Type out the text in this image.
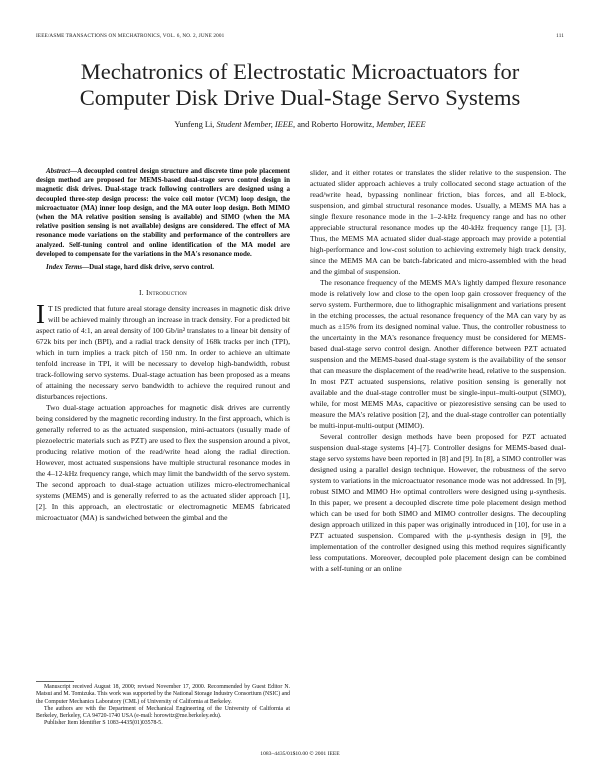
IEEE/ASME TRANSACTIONS ON MECHATRONICS, VOL. 6, NO. 2, JUNE 2001	111
Mechatronics of Electrostatic Microactuators for
Computer Disk Drive Dual-Stage Servo Systems
Yunfeng Li, Student Member, IEEE, and Roberto Horowitz, Member, IEEE

Abstract—A decoupled control design structure and discrete time pole placement design method are proposed for MEMS-based dual-stage servo control design in magnetic disk drives. Dual-stage track following controllers are designed using a decoupled three-step design process: the voice coil motor (VCM) loop design, the microactuator (MA) inner loop design, and the MA outer loop design. Both MIMO (when the MA relative position sensing is available) and SIMO (when the MA relative position sensing is not available) designs are considered. The effect of MA resonance mode variations on the stability and performance of the controllers are analyzed. Self-tuning control and online identification of the MA model are developed to compensate for the variations in the MA's resonance mode.

Index Terms—Dual stage, hard disk drive, servo control.

I. Introduction

I T IS predicted that future areal storage density increases in magnetic disk drive will be achieved mainly through an increase in track density. For a predicted bit aspect ratio of 4:1, an areal density of 100 Gb/in² translates to a linear bit density of 672k bits per inch (BPI), and a radial track density of 168k tracks per inch (TPI), which in turn implies a track pitch of 150 nm. In order to achieve an ultimate tenfold increase in TPI, it will be necessary to develop high-bandwidth, robust track-following servo systems. Dual-stage actuation has been proposed as a means of attaining the necessary servo bandwidth to achieve the required runout and disturbances rejections.

Two dual-stage actuation approaches for magnetic disk drives are currently being considered by the magnetic recording industry. In the first approach, which is generally referred to as the actuated suspension, mini-actuators (usually made of piezoelectric materials such as PZT) are used to flex the suspension around a pivot, producing relative motion of the read/write head along the radial direction. However, most actuated suspensions have multiple structural resonance modes in the 4–12-kHz frequency range, which may limit the bandwidth of the servo system. The second approach to dual-stage actuation utilizes micro-electromechanical systems (MEMS) and is generally referred to as the actuated slider approach [1], [2]. In this approach, an electrostatic or electromagnetic MEMS fabricated microactuator (MA) is sandwiched between the gimbal and the

Manuscript received August 18, 2000; revised November 17, 2000. Recommended by Guest Editor N. Matsui and M. Tomizuka. This work was supported by the National Storage Industry Consortium (NSIC) and the Computer Mechanics Laboratory (CML) of University of California at Berkeley.

The authors are with the Department of Mechanical Engineering of the University of California at Berkeley, Berkeley, CA 94720-1740 USA (e-mail: horowitz@me.berkeley.edu).

Publisher Item Identifier S 1083-4435(01)03578-5.

slider, and it either rotates or translates the slider relative to the suspension. The actuated slider approach achieves a truly collocated second stage actuation of the read/write head, bypassing nonlinear friction, bias forces, and all E-block, suspension, and gimbal structural resonance modes. Usually, a MEMS MA has a single flexure resonance mode in the 1–2-kHz frequency range and has no other appreciable structural resonance modes up the 40-kHz frequency range [1], [3]. Thus, the MEMS MA actuated slider dual-stage approach may provide a potential high-performance and low-cost solution to achieving extremely high track density, since the MEMS MA can be batch-fabricated and micro-assembled with the head and the gimbal of suspension.

The resonance frequency of the MEMS MA's lightly damped flexure resonance mode is relatively low and close to the open loop gain crossover frequency of the servo system. Furthermore, due to lithographic misalignment and variations present in the etching processes, the actual resonance frequency of the MA can vary by as much as ±15% from its designed nominal value. Thus, the controller robustness to the uncertainty in the MA's resonance frequency must be considered for MEMS-based dual-stage servo control design. Another difference between PZT actuated suspension and the MEMS-based dual-stage system is the availability of the sensor that can measure the displacement of the read/write head, relative to the suspension. In most PZT actuated suspensions, relative position sensing is generally not available and the dual-stage controller must be single-input–multi-output (SIMO), while, for most MEMS MAs, capacitive or piezoresistive sensing can be used to measure the MA's relative position [2], and the dual-stage controller can potentially be multi-input-multi-output (MIMO).

Several controller design methods have been proposed for PZT actuated suspension dual-stage systems [4]–[7]. Controller designs for MEMS-based dual-stage servo systems have been reported in [8] and [9]. In [8], a SIMO controller was designed using a parallel design technique. However, the robustness of the servo system to variations in the microactuator resonance mode was not addressed. In [9], robust SIMO and MIMO H∞ optimal controllers were designed using μ-synthesis. In this paper, we present a decoupled discrete time pole placement design method which can be used for both SIMO and MIMO controller designs. The decoupling design approach utilized in this paper was originally introduced in [10], for use in a PZT actuated suspension. Compared with the μ-synthesis design in [9], the implementation of the controller designed using this method requires significantly less computations. Moreover, decoupled pole placement design can be combined with a self-tuning or an online

1083–4435/01$10.00 © 2001 IEEE
